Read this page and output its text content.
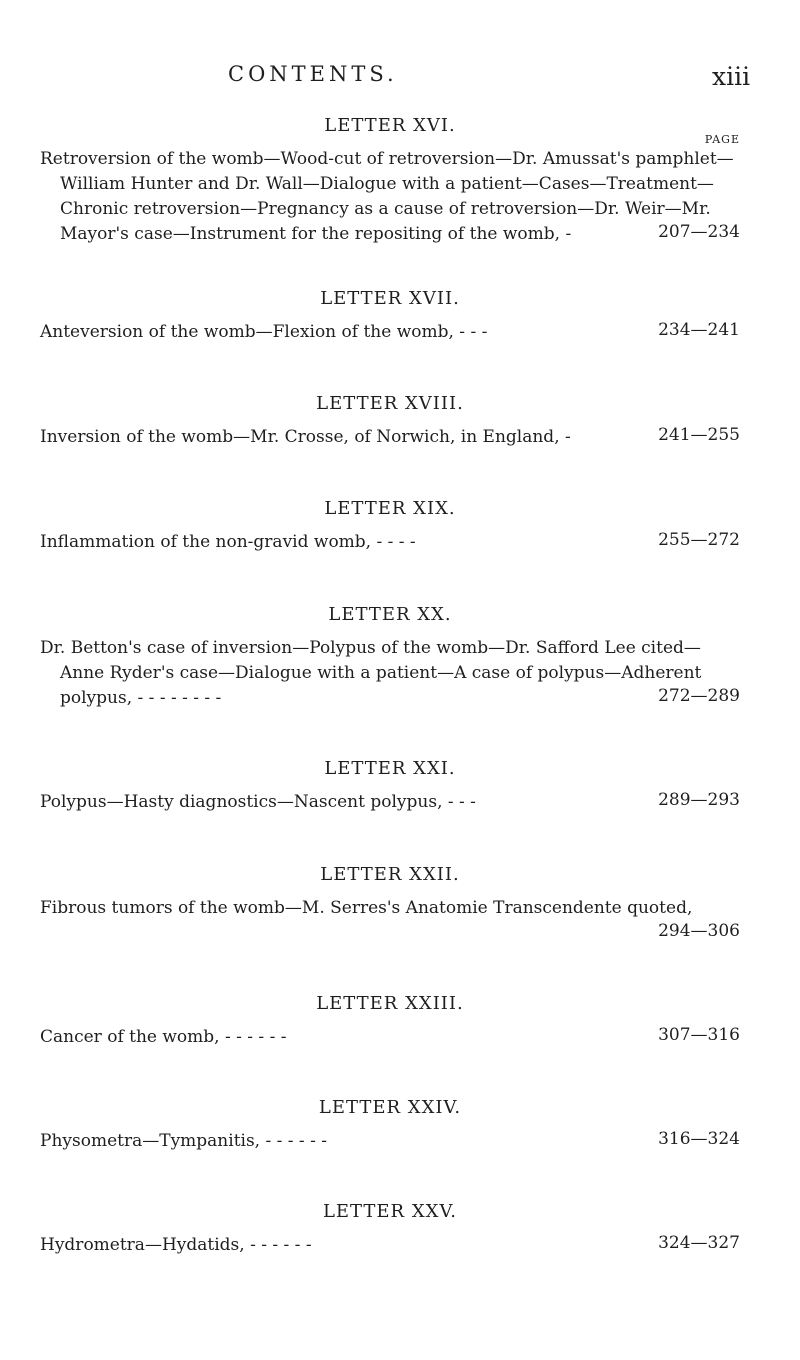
CONTENTS.	xiii
PAGE
LETTER XVI.
Retroversion of the womb—Wood-cut of retroversion—Dr. Amussat's pamphlet—
William Hunter and Dr. Wall—Dialogue with a patient—Cases—Treatment—
Chronic retroversion—Pregnancy as a cause of retroversion—Dr. Weir—Mr.
Mayor's case—Instrument for the repositing of the womb, -	207—234
LETTER XVII.
Anteversion of the womb—Flexion of the womb, - - -	234—241
LETTER XVIII.
Inversion of the womb—Mr. Crosse, of Norwich, in England, -	241—255
LETTER XIX.
Inflammation of the non-gravid womb, - - - -	255—272
LETTER XX.
Dr. Betton's case of inversion—Polypus of the womb—Dr. Safford Lee cited—
Anne Ryder's case—Dialogue with a patient—A case of polypus—Adherent
polypus, - - - - - - - -	272—289
LETTER XXI.
Polypus—Hasty diagnostics—Nascent polypus, - - -	289—293
LETTER XXII.
Fibrous tumors of the womb—M. Serres's Anatomie Transcendente quoted,
294—306
LETTER XXIII.
Cancer of the womb, - - - - - -	307—316
LETTER XXIV.
Physometra—Tympanitis, - - - - - -	316—324
LETTER XXV.
Hydrometra—Hydatids, - - - - - -	324—327
